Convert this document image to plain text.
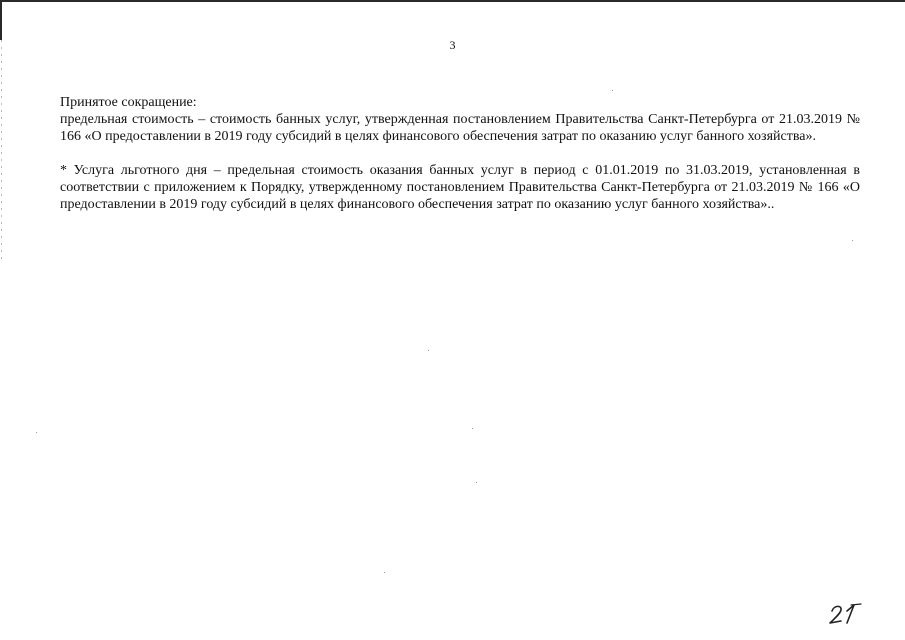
3

Принятое сокращение:

предельная стоимость – стоимость банных услуг, утвержденная постановлением Правительства Санкт-Петербурга от 21.03.2019 № 166 «О предоставлении в 2019 году субсидий в целях финансового обеспечения затрат по оказанию услуг банного хозяйства».

* Услуга льготного дня – предельная стоимость оказания банных услуг в период с 01.01.2019 по 31.03.2019, установленная в соответствии с приложением к Порядку, утвержденному постановлением Правительства Санкт-Петербурга от 21.03.2019 № 166 «О предоставлении в 2019 году субсидий в целях финансового обеспечения затрат по оказанию услуг банного хозяйства»..
